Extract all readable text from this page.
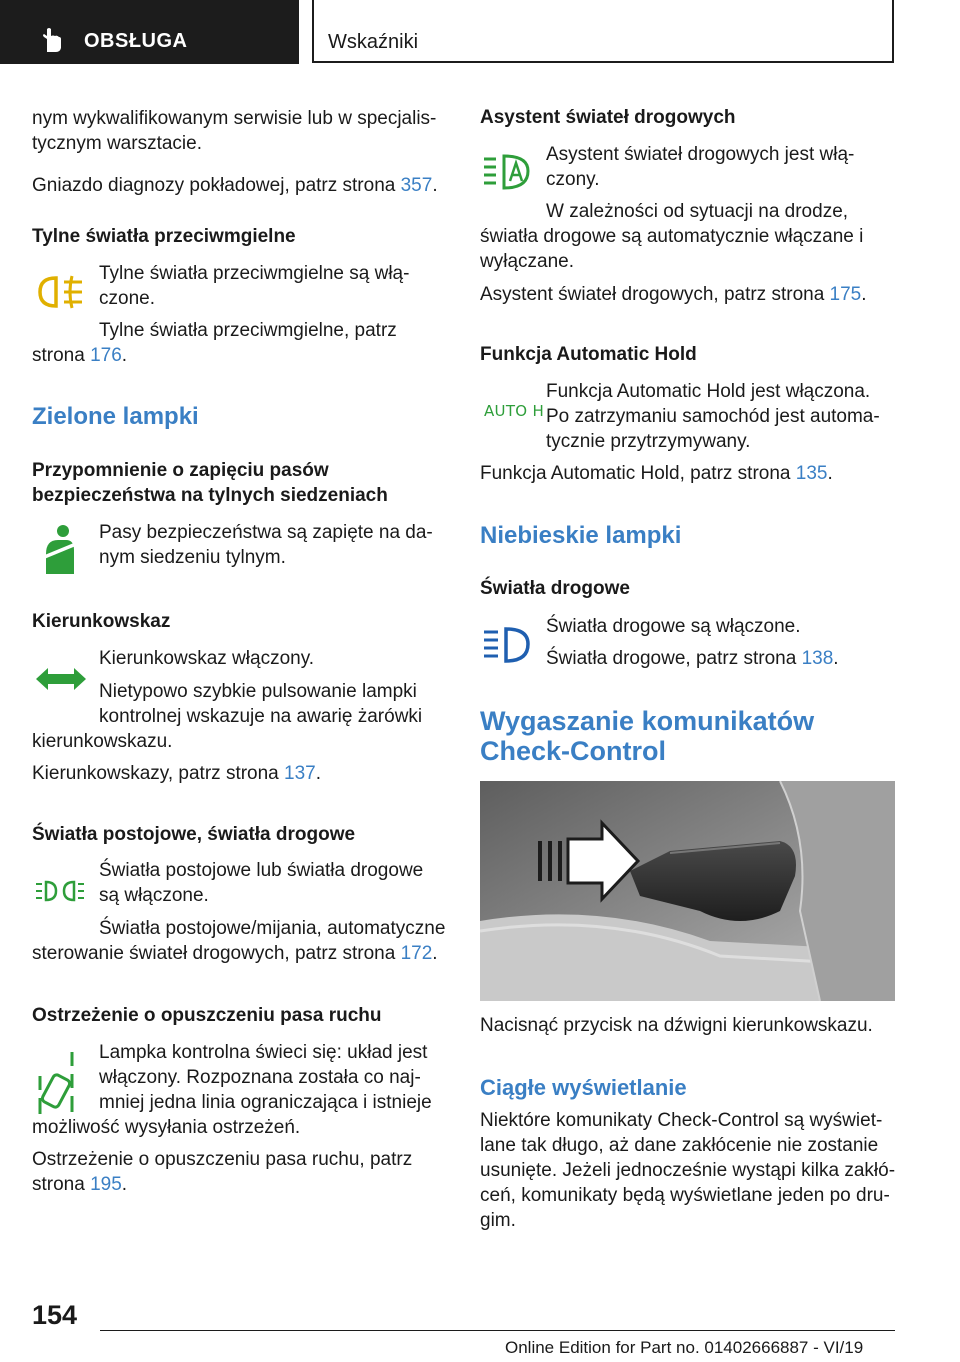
OBSŁUGA	Wskaźniki

nym wykwalifikowanym serwisie lub w specjalis‐

tycznym warsztacie.

Gniazdo diagnozy pokładowej, patrz strona 357.

Tylne światła przeciwmgielne

Tylne światła przeciwmgielne są włą‐

czone.

Tylne światła przeciwmgielne, patrz

strona 176.

Zielone lampki
Przypomnienie o zapięciu pasów
bezpieczeństwa na tylnych siedzeniach

Pasy bezpieczeństwa są zapięte na da‐

nym siedzeniu tylnym.

Kierunkowskaz

Kierunkowskaz włączony.

Nietypowo szybkie pulsowanie lampki

kontrolnej wskazuje na awarię żarówki

kierunkowskazu.

Kierunkowskazy, patrz strona 137.

Światła postojowe, światła drogowe

Światła postojowe lub światła drogowe

są włączone.

Światła postojowe/mijania, automatyczne

sterowanie świateł drogowych, patrz strona 172.

Ostrzeżenie o opuszczeniu pasa ruchu

Lampka kontrolna świeci się: układ jest

włączony. Rozpoznana została co naj‐

mniej jedna linia ograniczająca i istnieje

możliwość wysyłania ostrzeżeń.

Ostrzeżenie o opuszczeniu pasa ruchu, patrz

strona 195.

Asystent świateł drogowych

Asystent świateł drogowych jest włą‐

czony.

W zależności od sytuacji na drodze,

światła drogowe są automatycznie włączane i

wyłączane.

Asystent świateł drogowych, patrz strona 175.

Funkcja Automatic Hold
AUTO H

Funkcja Automatic Hold jest włączona.

Po zatrzymaniu samochód jest automa‐

tycznie przytrzymywany.

Funkcja Automatic Hold, patrz strona 135.

Niebieskie lampki
Światła drogowe

Światła drogowe są włączone.

Światła drogowe, patrz strona 138.

Wygaszanie komunikatów
Check-Control

Nacisnąć przycisk na dźwigni kierunkowskazu.

Ciągłe wyświetlanie

Niektóre komunikaty Check-Control są wyświet‐

lane tak długo, aż dane zakłócenie nie zostanie

usunięte. Jeżeli jednocześnie wystąpi kilka zakłó‐

ceń, komunikaty będą wyświetlane jeden po dru‐

gim.

154
Online Edition for Part no. 01402666887 - VI/19
